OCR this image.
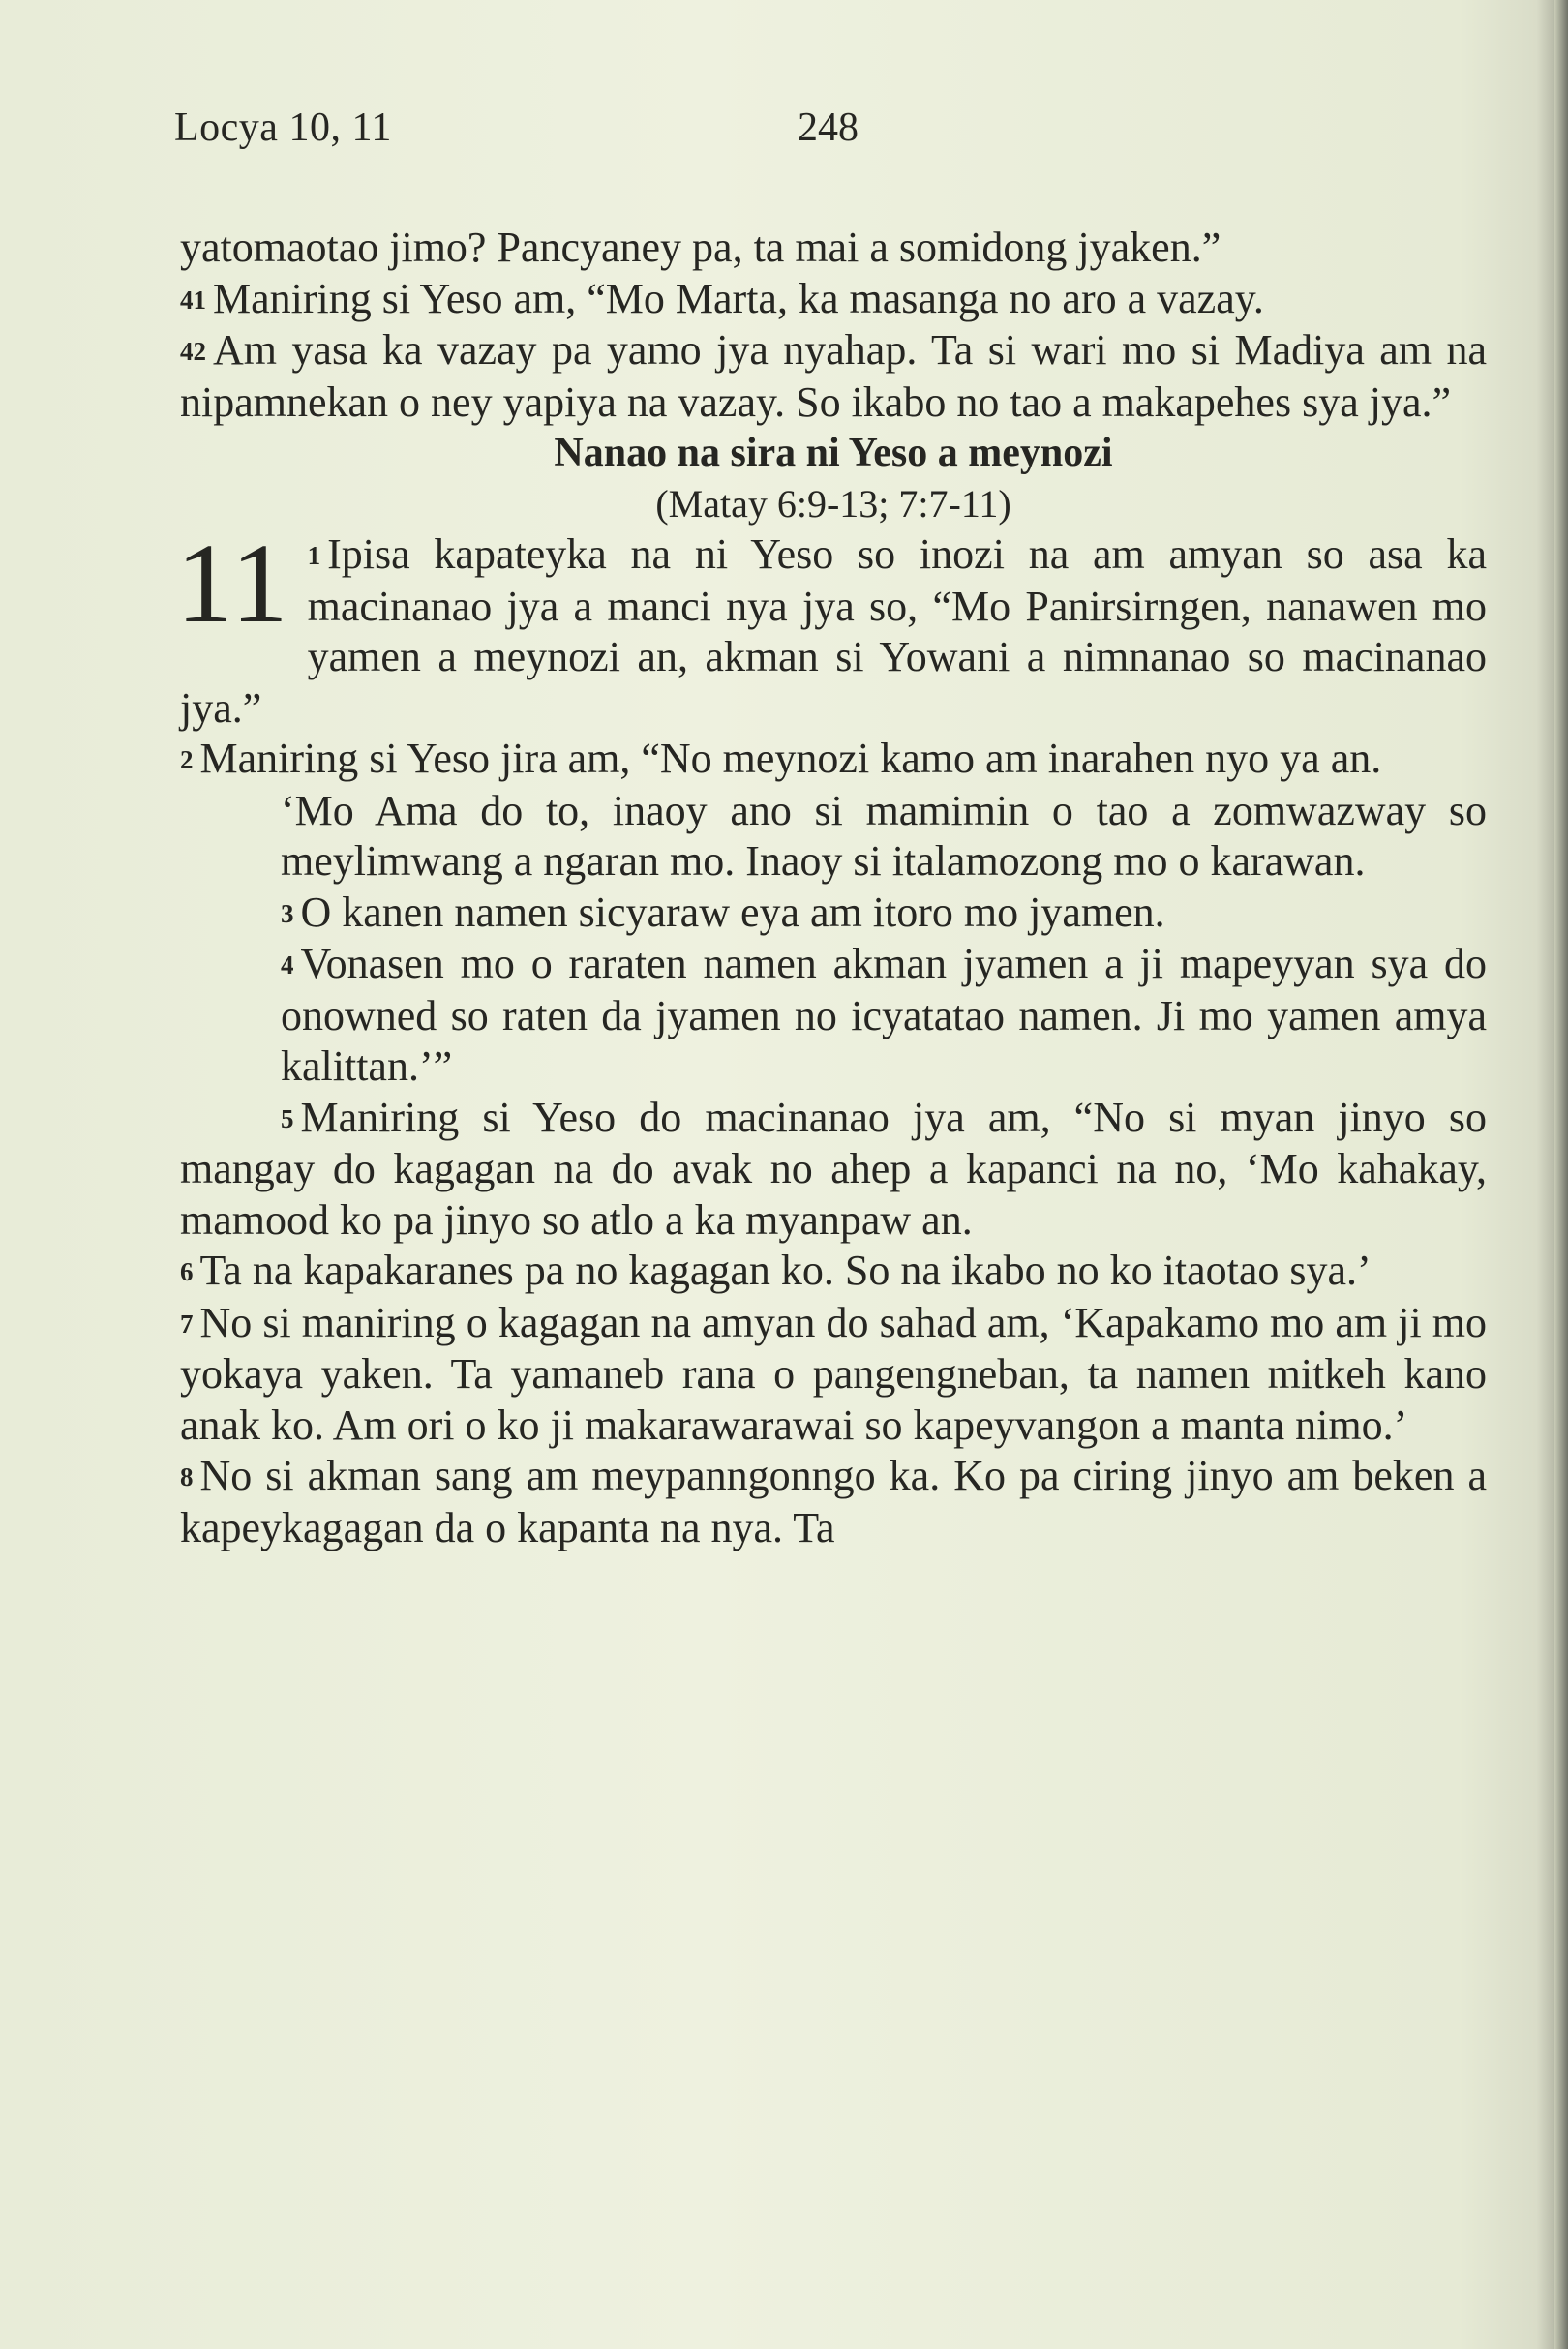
Locya 10, 11	248

yatomaotao jimo? Pancyaney pa, ta mai a somidong jyaken.”

41 Maniring si Yeso am, “Mo Marta, ka masanga no aro a vazay.

42 Am yasa ka vazay pa yamo jya nyahap. Ta si wari mo si Madiya am na nipamnekan o ney yapiya na vazay. So ikabo no tao a makapehes sya jya.”

Nanao na sira ni Yeso a meynozi

(Matay 6:9-13; 7:7-11)

11 1 Ipisa kapateyka na ni Yeso so inozi na am amyan so asa ka macinanao jya a manci nya jya so, “Mo Panirsirngen, nanawen mo yamen a meynozi an, akman si Yowani a nimnanao so macinanao jya.”

2 Maniring si Yeso jira am, “No meynozi kamo am inarahen nyo ya an.

‘Mo Ama do to, inaoy ano si mamimin o tao a zomwazway so meylimwang a ngaran mo. Inaoy si italamozong mo o karawan.

3 O kanen namen sicyaraw eya am itoro mo jyamen.

4 Vonasen mo o raraten namen akman jyamen a ji mapeyyan sya do onowned so raten da jyamen no icyatatao namen. Ji mo yamen amya kalittan.’”

5 Maniring si Yeso do macinanao jya am, “No si myan jinyo so mangay do kagagan na do avak no ahep a kapanci na no, ‘Mo kahakay, mamood ko pa jinyo so atlo a ka myanpaw an.

6 Ta na kapakaranes pa no kagagan ko. So na ikabo no ko itaotao sya.’

7 No si maniring o kagagan na amyan do sahad am, ‘Kapakamo mo am ji mo yokaya yaken. Ta yamaneb rana o pangengneban, ta namen mitkeh kano anak ko. Am ori o ko ji makarawarawai so kapeyvangon a manta nimo.’

8 No si akman sang am meypanngonngo ka. Ko pa ciring jinyo am beken a kapeykagagan da o kapanta na nya. Ta
